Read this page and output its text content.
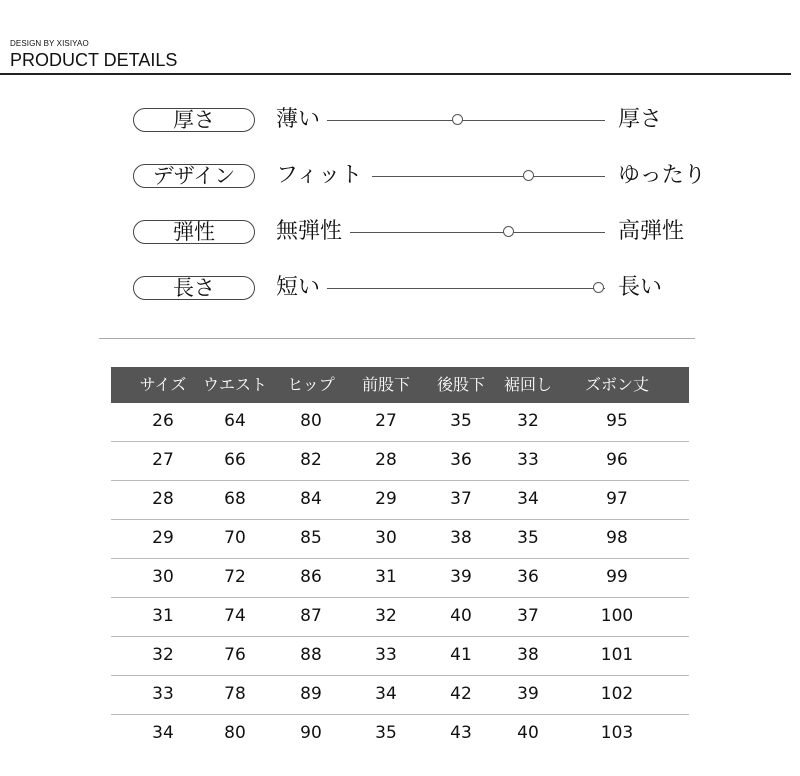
DESIGN BY XISIYAO
PRODUCT DETAILS
厚さ	薄い	厚さ
デザイン	フィット	ゆったり
弾性	無弾性	高弾性
長さ	短い	長い
サイズ	ウエスト	ヒップ	前股下	後股下	裾回し	ズボン丈
26	64	80	27	35	32	95
27	66	82	28	36	33	96
28	68	84	29	37	34	97
29	70	85	30	38	35	98
30	72	86	31	39	36	99
31	74	87	32	40	37	100
32	76	88	33	41	38	101
33	78	89	34	42	39	102
34	80	90	35	43	40	103
